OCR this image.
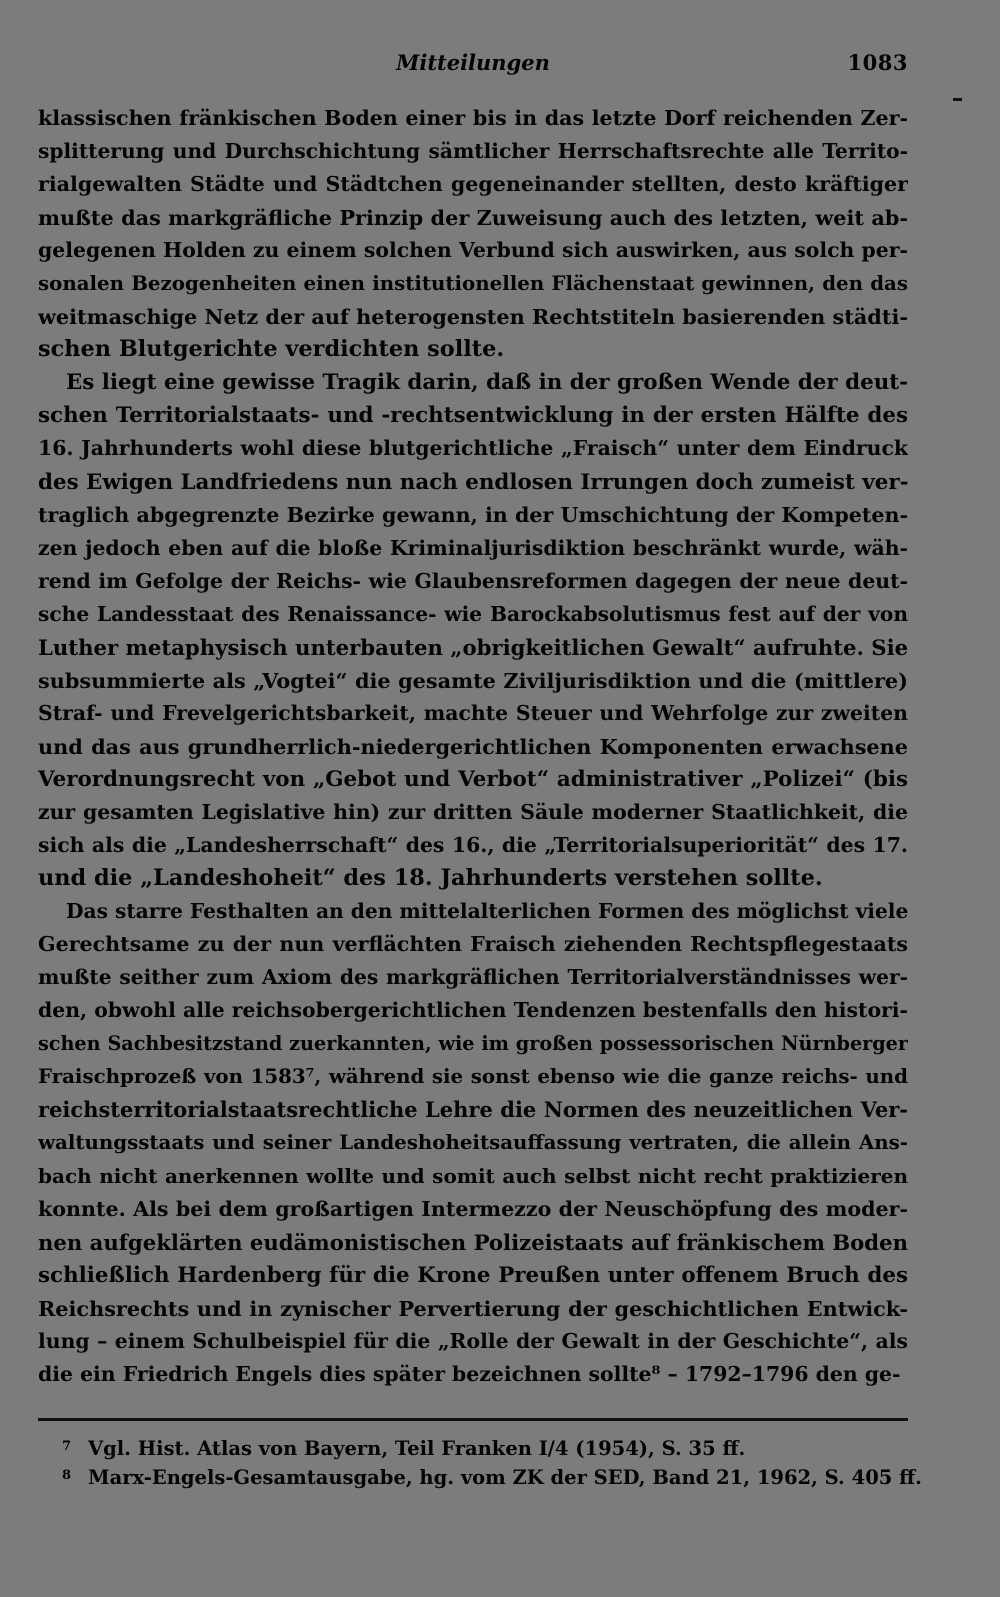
Mitteilungen	1083
klassischen fränkischen Boden einer bis in das letzte Dorf reichenden Zer-
splitterung und Durchschichtung sämtlicher Herrschaftsrechte alle Territo-
rialgewalten Städte und Städtchen gegeneinander stellten, desto kräftiger
mußte das markgräfliche Prinzip der Zuweisung auch des letzten, weit ab-
gelegenen Holden zu einem solchen Verbund sich auswirken, aus solch per-
sonalen Bezogenheiten einen institutionellen Flächenstaat gewinnen, den das
weitmaschige Netz der auf heterogensten Rechtstiteln basierenden städti-
schen Blutgerichte verdichten sollte.
Es liegt eine gewisse Tragik darin, daß in der großen Wende der deut-
schen Territorialstaats- und -rechtsentwicklung in der ersten Hälfte des
16. Jahrhunderts wohl diese blutgerichtliche „Fraisch“ unter dem Eindruck
des Ewigen Landfriedens nun nach endlosen Irrungen doch zumeist ver-
traglich abgegrenzte Bezirke gewann, in der Umschichtung der Kompeten-
zen jedoch eben auf die bloße Kriminaljurisdiktion beschränkt wurde, wäh-
rend im Gefolge der Reichs- wie Glaubensreformen dagegen der neue deut-
sche Landesstaat des Renaissance- wie Barockabsolutismus fest auf der von
Luther metaphysisch unterbauten „obrigkeitlichen Gewalt“ aufruhte. Sie
subsummierte als „Vogtei“ die gesamte Ziviljurisdiktion und die (mittlere)
Straf- und Frevelgerichtsbarkeit, machte Steuer und Wehrfolge zur zweiten
und das aus grundherrlich-niedergerichtlichen Komponenten erwachsene
Verordnungsrecht von „Gebot und Verbot“ administrativer „Polizei“ (bis
zur gesamten Legislative hin) zur dritten Säule moderner Staatlichkeit, die
sich als die „Landesherrschaft“ des 16., die „Territorialsuperiorität“ des 17.
und die „Landeshoheit“ des 18. Jahrhunderts verstehen sollte.
Das starre Festhalten an den mittelalterlichen Formen des möglichst viele
Gerechtsame zu der nun verflächten Fraisch ziehenden Rechtspflegestaats
mußte seither zum Axiom des markgräflichen Territorialverständnisses wer-
den, obwohl alle reichsobergerichtlichen Tendenzen bestenfalls den histori-
schen Sachbesitzstand zuerkannten, wie im großen possessorischen Nürnberger
Fraischprozeß von 1583⁷, während sie sonst ebenso wie die ganze reichs- und
reichsterritorialstaatsrechtliche Lehre die Normen des neuzeitlichen Ver-
waltungsstaats und seiner Landeshoheitsauffassung vertraten, die allein Ans-
bach nicht anerkennen wollte und somit auch selbst nicht recht praktizieren
konnte. Als bei dem großartigen Intermezzo der Neuschöpfung des moder-
nen aufgeklärten eudämonistischen Polizeistaats auf fränkischem Boden
schließlich Hardenberg für die Krone Preußen unter offenem Bruch des
Reichsrechts und in zynischer Pervertierung der geschichtlichen Entwick-
lung – einem Schulbeispiel für die „Rolle der Gewalt in der Geschichte“, als
die ein Friedrich Engels dies später bezeichnen sollte⁸ – 1792–1796 den ge-
7 Vgl. Hist. Atlas von Bayern, Teil Franken I/4 (1954), S. 35 ff.
8 Marx-Engels-Gesamtausgabe, hg. vom ZK der SED, Band 21, 1962, S. 405 ff.
